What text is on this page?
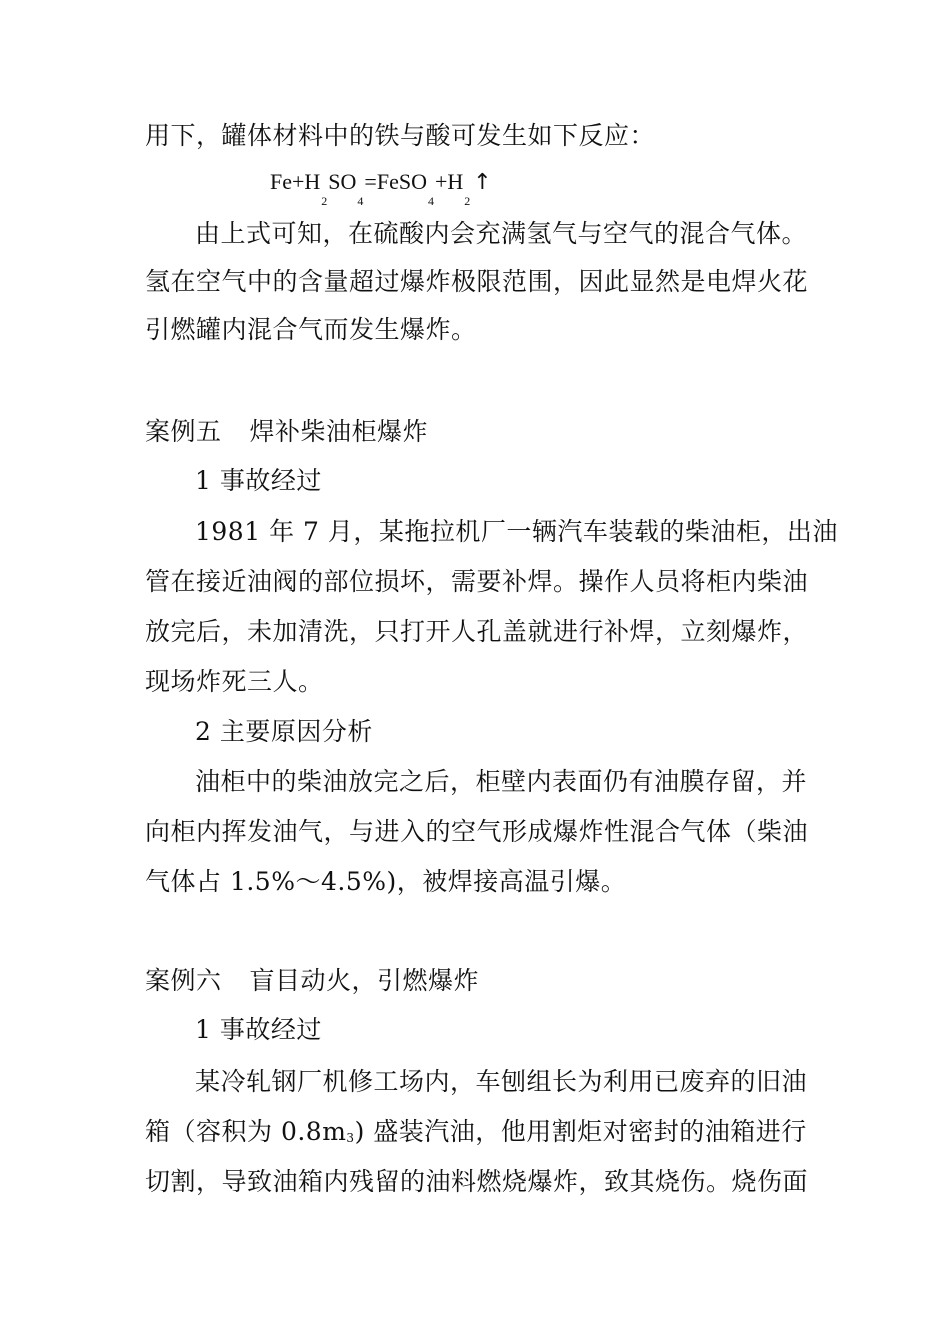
用下，罐体材料中的铁与酸可发生如下反应：
$Fe+H_2SO_4=FeSO_4+H_2↑$
由上式可知，在硫酸内会充满氢气与空气的混合气体。
氢在空气中的含量超过爆炸极限范围，因此显然是电焊火花
引燃罐内混合气而发生爆炸。
案例五 焊补柴油柜爆炸
1 事故经过
1981 年 7 月，某拖拉机厂一辆汽车装载的柴油柜，出油
管在接近油阀的部位损坏，需要补焊。操作人员将柜内柴油
放完后，未加清洗，只打开人孔盖就进行补焊，立刻爆炸，
现场炸死三人。
2 主要原因分析
油柜中的柴油放完之后，柜壁内表面仍有油膜存留，并
向柜内挥发油气，与进入的空气形成爆炸性混合气体（柴油
气体占 1.5%～4.5%)，被焊接高温引爆。
案例六 盲目动火，引燃爆炸
1 事故经过
某冷轧钢厂机修工场内，车刨组长为利用已废弃的旧油
箱（容积为 0.8m3) 盛装汽油，他用割炬对密封的油箱进行
切割，导致油箱内残留的油料燃烧爆炸，致其烧伤。烧伤面
